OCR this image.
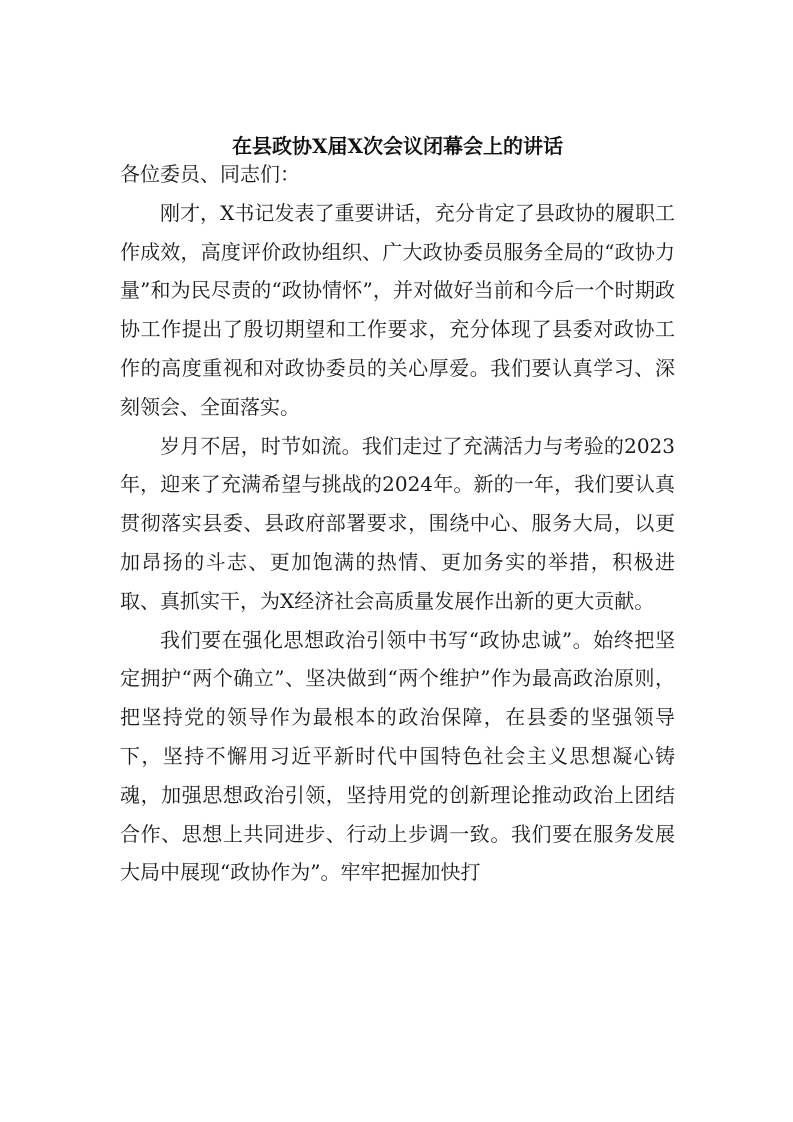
在县政协X届X次会议闭幕会上的讲话

各位委员、同志们：

刚才，X书记发表了重要讲话，充分肯定了县政协的履职工作成效，高度评价政协组织、广大政协委员服务全局的“政协力量”和为民尽责的“政协情怀”，并对做好当前和今后一个时期政协工作提出了殷切期望和工作要求，充分体现了县委对政协工作的高度重视和对政协委员的关心厚爱。我们要认真学习、深刻领会、全面落实。

岁月不居，时节如流。我们走过了充满活力与考验的2023年，迎来了充满希望与挑战的2024年。新的一年，我们要认真贯彻落实县委、县政府部署要求，围绕中心、服务大局，以更加昂扬的斗志、更加饱满的热情、更加务实的举措，积极进取、真抓实干，为X经济社会高质量发展作出新的更大贡献。

我们要在强化思想政治引领中书写“政协忠诚”。始终把坚定拥护“两个确立”、坚决做到“两个维护”作为最高政治原则，把坚持党的领导作为最根本的政治保障，在县委的坚强领导下，坚持不懈用习近平新时代中国特色社会主义思想凝心铸魂，加强思想政治引领，坚持用党的创新理论推动政治上团结合作、思想上共同进步、行动上步调一致。我们要在服务发展大局中展现“政协作为”。牢牢把握加快打
